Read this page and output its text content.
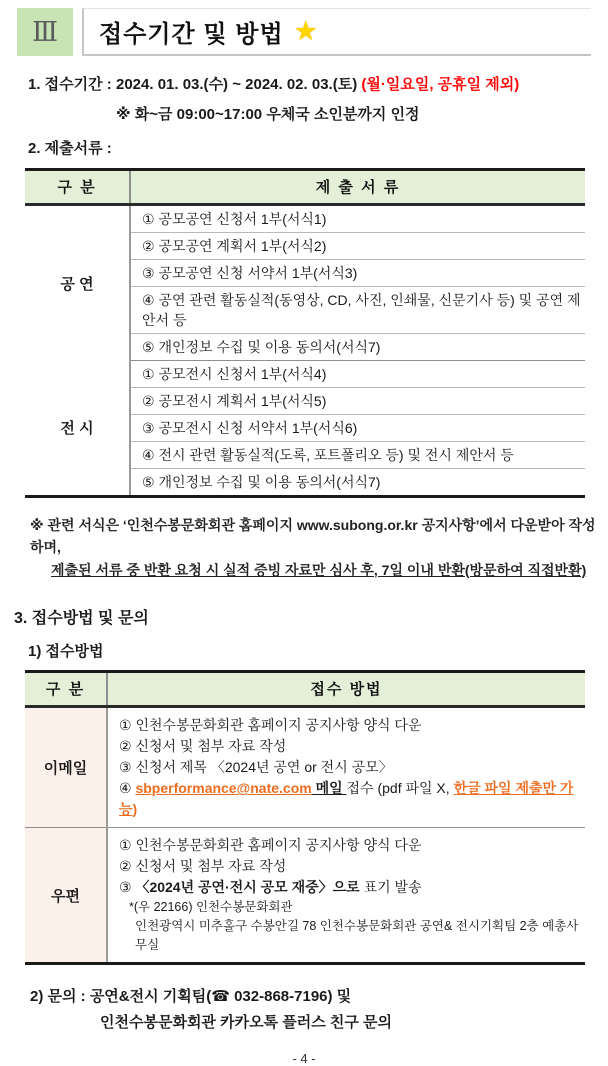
Ⅲ	접수기간 및 방법 ★
1. 접수기간 : 2024. 01. 03.(수) ~ 2024. 02. 03.(토) (월·일요일, 공휴일 제외)
※ 화~금 09:00~17:00 우체국 소인분까지 인정
2. 제출서류 :
구 분	제 출 서 류
공 연	① 공모공연 신청서 1부(서식1)
	② 공모공연 계획서 1부(서식2)
	③ 공모공연 신청 서약서 1부(서식3)
	④ 공연 관련 활동실적(동영상, CD, 사진, 인쇄물, 신문기사 등) 및 공연 제안서 등
	⑤ 개인정보 수집 및 이용 동의서(서식7)
전 시	① 공모전시 신청서 1부(서식4)
	② 공모전시 계획서 1부(서식5)
	③ 공모전시 신청 서약서 1부(서식6)
	④ 전시 관련 활동실적(도록, 포트폴리오 등) 및 전시 제안서 등
	⑤ 개인정보 수집 및 이용 동의서(서식7)
※ 관련 서식은 ‘인천수봉문화회관 홈페이지 www.subong.or.kr 공지사항’에서 다운받아 작성하며,
제출된 서류 중 반환 요청 시 실적 증빙 자료만 심사 후, 7일 이내 반환(방문하여 직접반환)
3. 접수방법 및 문의
1) 접수방법
구 분	접수 방법
이메일	① 인천수봉문화회관 홈페이지 공지사항 양식 다운
② 신청서 및 첨부 자료 작성
③ 신청서 제목 〈2024년 공연 or 전시 공모〉
④ sbperformance@nate.com 메일 접수 (pdf 파일 X, 한글 파일 제출만 가능)

우편	① 인천수봉문화회관 홈페이지 공지사항 양식 다운
② 신청서 및 첨부 자료 작성
③ 〈2024년 공연·전시 공모 재중〉으로 표기 발송
*(우 22166) 인천수봉문화회관
인천광역시 미추홀구 수봉안길 78 인천수봉문화회관 공연& 전시기획팀 2층 예총사무실
2) 문의 : 공연&전시 기획팀(☎ 032-868-7196) 및
인천수봉문화회관 카카오톡 플러스 친구 문의
- 4 -
